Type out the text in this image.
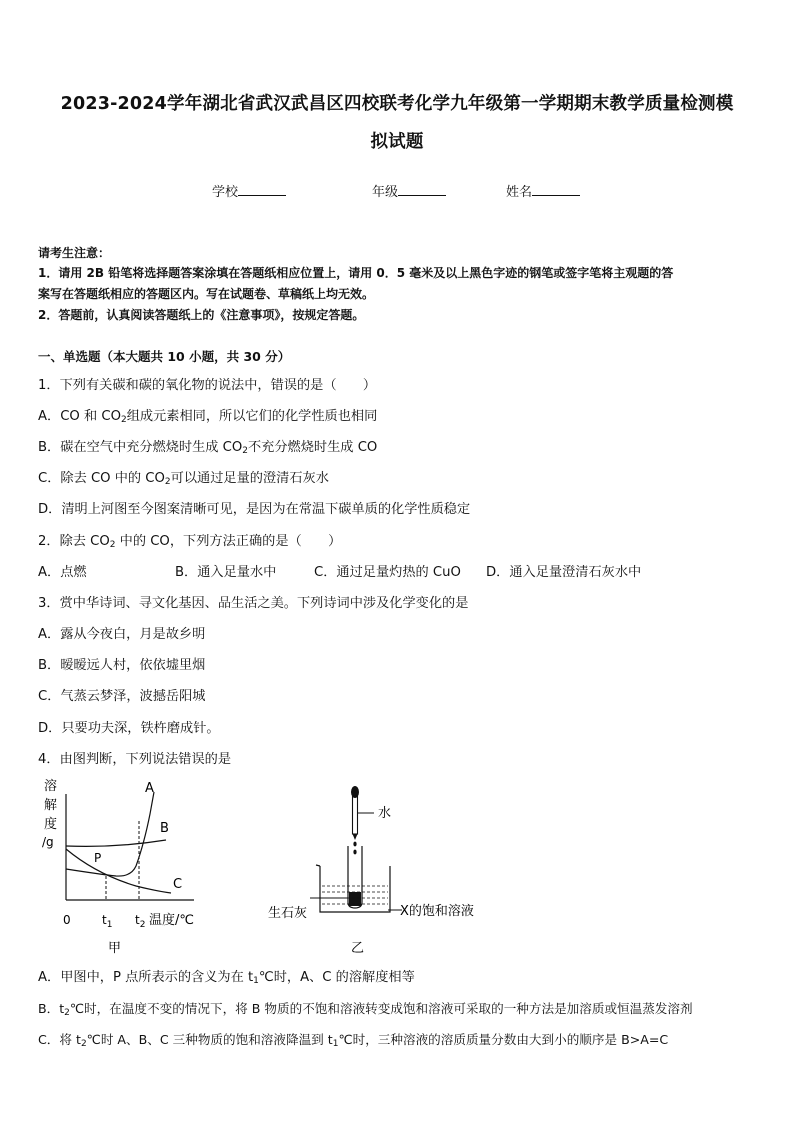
2023-2024学年湖北省武汉武昌区四校联考化学九年级第一学期期末教学质量检测模
拟试题
学校	年级	姓名
请考生注意：
1．请用 2B 铅笔将选择题答案涂填在答题纸相应位置上，请用 0．5 毫米及以上黑色字迹的钢笔或签字笔将主观题的答
案写在答题纸相应的答题区内。写在试题卷、草稿纸上均无效。
2．答题前，认真阅读答题纸上的《注意事项》，按规定答题。
一、单选题（本大题共 10 小题，共 30 分）
1．下列有关碳和碳的氧化物的说法中，错误的是（　　）
A．CO 和 $CO_2$组成元素相同，所以它们的化学性质也相同
B．碳在空气中充分燃烧时生成 $CO_2$不充分燃烧时生成 CO
C．除去 CO 中的 $CO_2$可以通过足量的澄清石灰水
D．清明上河图至今图案清晰可见，是因为在常温下碳单质的化学性质稳定
2．除去 $CO_2$ 中的 CO，下列方法正确的是（　　）
A．点燃	B．通入足量水中	C．通过足量灼热的 CuO D．通入足量澄清石灰水中
3．赏中华诗词、寻文化基因、品生活之美。下列诗词中涉及化学变化的是
A．露从今夜白，月是故乡明
B．暧暧远人村，依依墟里烟
C．气蒸云梦泽，波撼岳阳城
D．只要功夫深，铁杵磨成针。
4．由图判断，下列说法错误的是
溶
解
度
/g
A
B
C
P
0	$t_1$ $t_2$ 温度/℃
甲
水
生石灰	X的饱和溶液
乙
A．甲图中，P 点所表示的含义为在 $t_1℃$时，A、C 的溶解度相等
B．$t_2℃$时，在温度不变的情况下，将 B 物质的不饱和溶液转变成饱和溶液可采取的一种方法是加溶质或恒温蒸发溶剂
C．将 $t_2℃$时 A、B、C 三种物质的饱和溶液降温到 $t_1℃$时，三种溶液的溶质质量分数由大到小的顺序是 B>A=C
